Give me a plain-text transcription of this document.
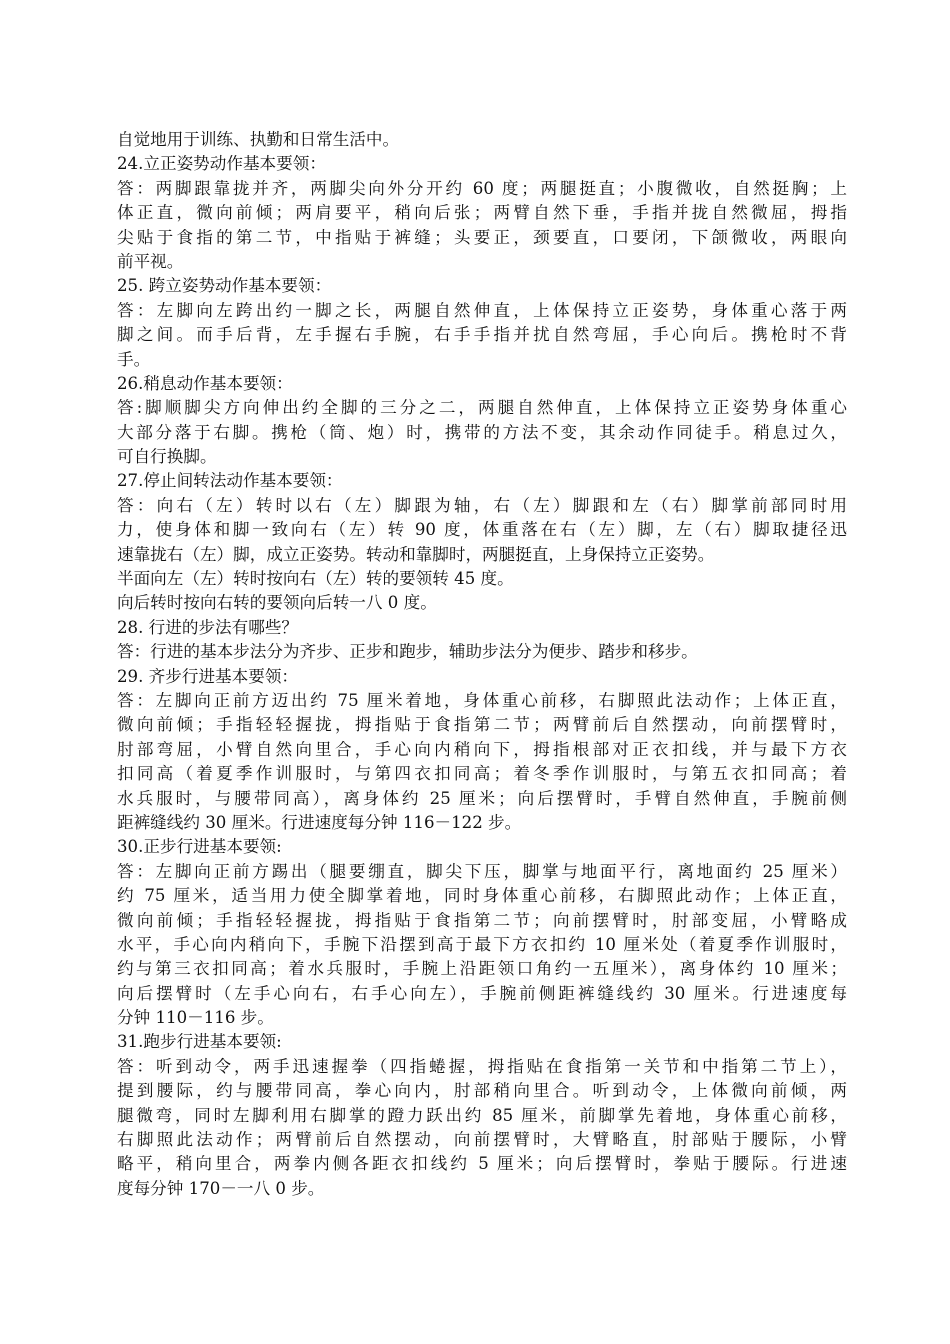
自觉地用于训练、执勤和日常生活中。
24.立正姿势动作基本要领：
答：两脚跟靠拢并齐，两脚尖向外分开约 60 度；两腿挺直；小腹微收，自然挺胸；上
体正直，微向前倾；两肩要平，稍向后张；两臂自然下垂，手指并拢自然微屈，拇指
尖贴于食指的第二节，中指贴于裤缝；头要正，颈要直，口要闭，下颌微收，两眼向
前平视。
25. 跨立姿势动作基本要领：
答：左脚向左跨出约一脚之长，两腿自然伸直，上体保持立正姿势，身体重心落于两
脚之间。而手后背，左手握右手腕，右手手指并扰自然弯屈，手心向后。携枪时不背
手。
26.稍息动作基本要领：
答:脚顺脚尖方向伸出约全脚的三分之二，两腿自然伸直，上体保持立正姿势身体重心
大部分落于右脚。携枪（筒、炮）时，携带的方法不变，其余动作同徒手。稍息过久，
可自行换脚。
27.停止间转法动作基本要领：
答：向右（左）转时以右（左）脚跟为轴，右（左）脚跟和左（右）脚掌前部同时用
力，使身体和脚一致向右（左）转 90 度，体重落在右（左）脚，左（右）脚取捷径迅
速靠拢右（左）脚，成立正姿势。转动和靠脚时，两腿挺直，上身保持立正姿势。
半面向左（左）转时按向右（左）转的要领转 45 度。
向后转时按向右转的要领向后转一八 0 度。
28. 行进的步法有哪些？
答：行进的基本步法分为齐步、正步和跑步，辅助步法分为便步、踏步和移步。
29. 齐步行进基本要领：
答：左脚向正前方迈出约 75 厘米着地，身体重心前移，右脚照此法动作；上体正直，
微向前倾；手指轻轻握拢，拇指贴于食指第二节；两臂前后自然摆动，向前摆臂时，
肘部弯屈，小臂自然向里合，手心向内稍向下，拇指根部对正衣扣线，并与最下方衣
扣同高（着夏季作训服时，与第四衣扣同高；着冬季作训服时，与第五衣扣同高；着
水兵服时，与腰带同高），离身体约 25 厘米；向后摆臂时，手臂自然伸直，手腕前侧
距裤缝线约 30 厘米。行进速度每分钟 116－122 步。
30.正步行进基本要领:
答：左脚向正前方踢出（腿要绷直，脚尖下压，脚掌与地面平行，离地面约 25 厘米）
约 75 厘米，适当用力使全脚掌着地，同时身体重心前移，右脚照此动作；上体正直，
微向前倾；手指轻轻握拢，拇指贴于食指第二节；向前摆臂时，肘部变屈，小臂略成
水平，手心向内稍向下，手腕下沿摆到高于最下方衣扣约 10 厘米处（着夏季作训服时，
约与第三衣扣同高；着水兵服时，手腕上沿距领口角约一五厘米），离身体约 10 厘米；
向后摆臂时（左手心向右，右手心向左），手腕前侧距裤缝线约 30 厘米。行进速度每
分钟 110－116 步。
31.跑步行进基本要领:
答：听到动令，两手迅速握拳（四指蜷握，拇指贴在食指第一关节和中指第二节上），
提到腰际，约与腰带同高，拳心向内，肘部稍向里合。听到动令，上体微向前倾，两
腿微弯，同时左脚利用右脚掌的蹬力跃出约 85 厘米，前脚掌先着地，身体重心前移，
右脚照此法动作；两臂前后自然摆动，向前摆臂时，大臂略直，肘部贴于腰际，小臂
略平，稍向里合，两拳内侧各距衣扣线约 5 厘米；向后摆臂时，拳贴于腰际。行进速
度每分钟 170－一八 0 步。
